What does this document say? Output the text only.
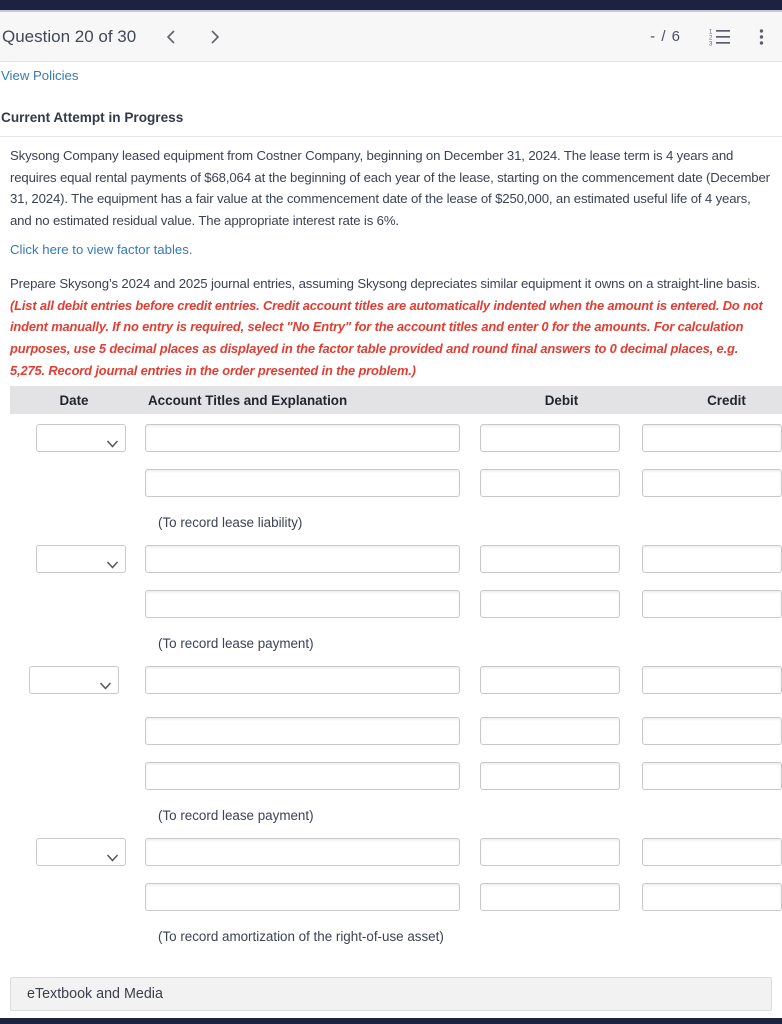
Question 20 of 30	- / 6	1
2
3
View Policies
Current Attempt in Progress

Skysong Company leased equipment from Costner Company, beginning on December 31, 2024. The lease term is 4 years and requires equal rental payments of $68,064 at the beginning of each year of the lease, starting on the commencement date (December 31, 2024). The equipment has a fair value at the commencement date of the lease of $250,000, an estimated useful life of 4 years, and no estimated residual value. The appropriate interest rate is 6%.

Click here to view factor tables.

Prepare Skysong’s 2024 and 2025 journal entries, assuming Skysong depreciates similar equipment it owns on a straight-line basis. (List all debit entries before credit entries. Credit account titles are automatically indented when the amount is entered. Do not indent manually. If no entry is required, select "No Entry" for the account titles and enter 0 for the amounts. For calculation purposes, use 5 decimal places as displayed in the factor table provided and round final answers to 0 decimal places, e.g. 5,275. Record journal entries in the order presented in the problem.)

Date	Account Titles and Explanation	Debit	Credit
(To record lease liability)
(To record lease payment)
(To record lease payment)
(To record amortization of the right-of-use asset)
eTextbook and Media
